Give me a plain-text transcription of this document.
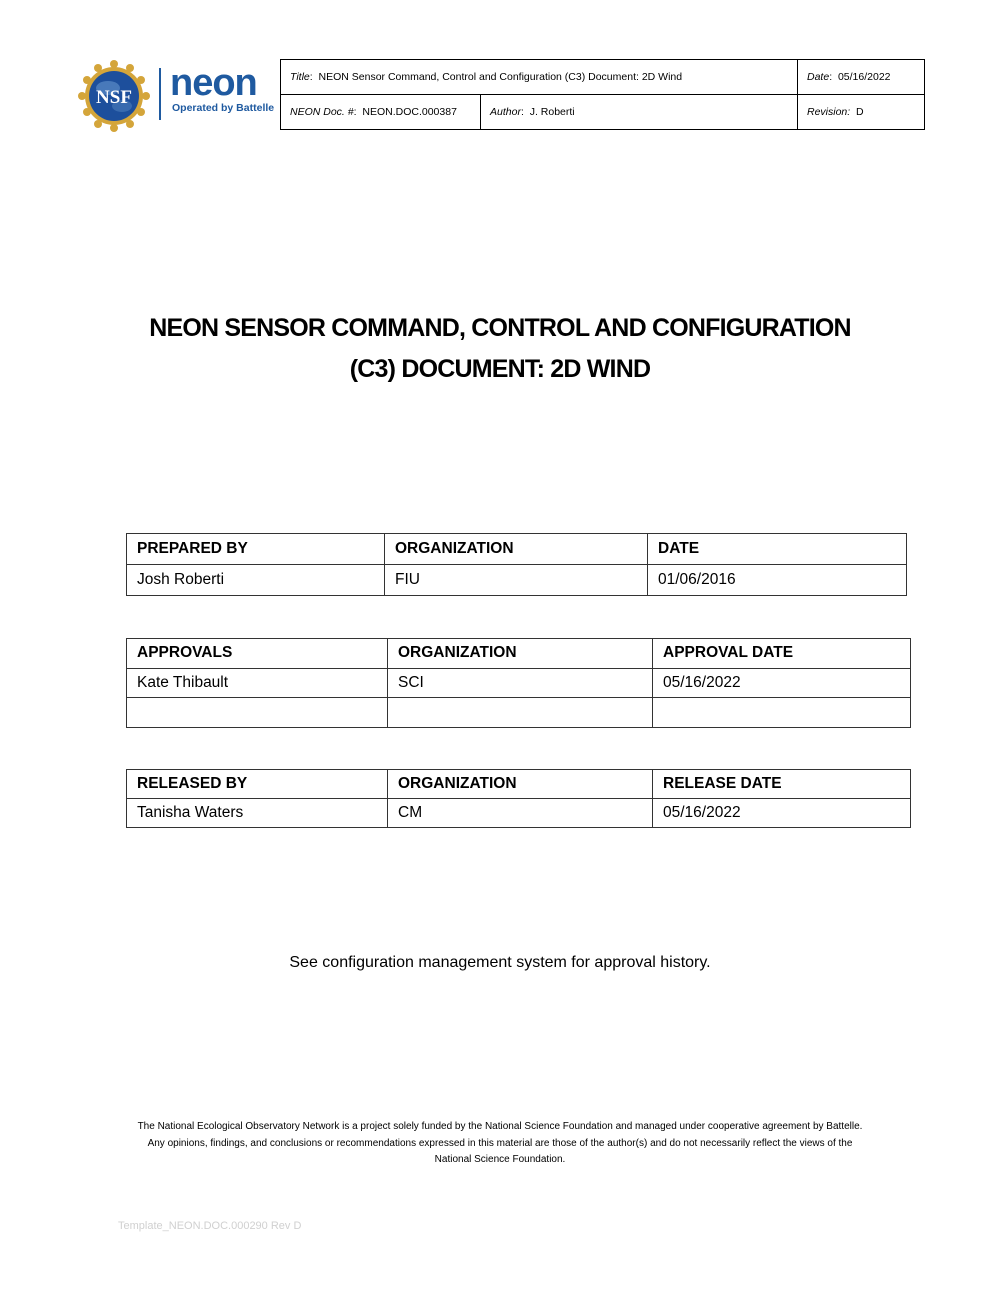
NSF neon
Operated by Battelle
Title:  NEON Sensor Command, Control and Configuration (C3) Document: 2D Wind		Date:  05/16/2022
NEON Doc. #:  NEON.DOC.000387	Author:  J. Roberti	Revision: D
NEON SENSOR COMMAND, CONTROL AND CONFIGURATION
(C3) DOCUMENT: 2D WIND
PREPARED BY	ORGANIZATION	DATE
Josh Roberti	FIU	01/06/2016
APPROVALS	ORGANIZATION	APPROVAL DATE
Kate Thibault	SCI	05/16/2022

RELEASED BY	ORGANIZATION	RELEASE DATE
Tanisha Waters	CM	05/16/2022
See configuration management system for approval history.
The National Ecological Observatory Network is a project solely funded by the National Science Foundation and managed under cooperative agreement by Battelle.
Any opinions, findings, and conclusions or recommendations expressed in this material are those of the author(s) and do not necessarily reflect the views of the
National Science Foundation.
Template_NEON.DOC.000290 Rev D
